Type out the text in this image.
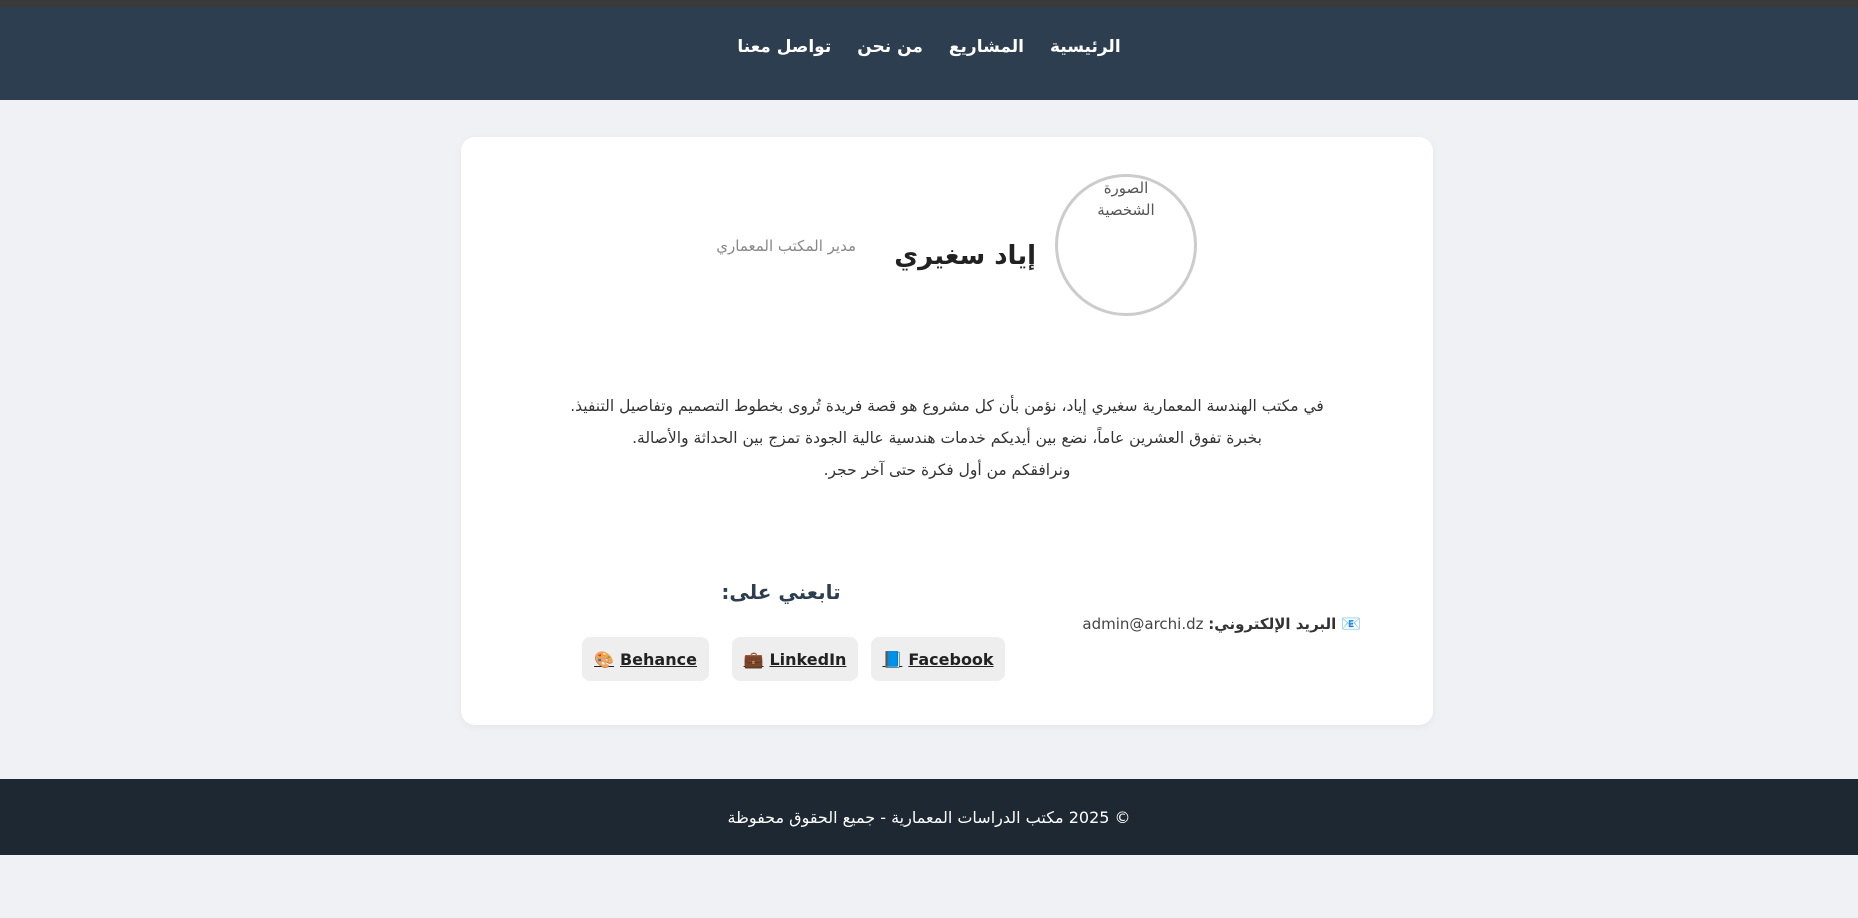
الرئيسية
المشاريع
من نحن
تواصل معنا
الصورة الشخصية
إياد سغيري
مدير المكتب المعماري

في مكتب الهندسة المعمارية سغيري إياد، نؤمن بأن كل مشروع هو قصة فريدة تُروى بخطوط التصميم وتفاصيل التنفيذ.

بخبرة تفوق العشرين عاماً، نضع بين أيديكم خدمات هندسية عالية الجودة تمزج بين الحداثة والأصالة.

ونرافقكم من أول فكرة حتى آخر حجر.

📧 البريد الإلكتروني: admin@archi.dz
تابعني على:
📘 Facebook
💼 LinkedIn
🎨 Behance
© 2025 مكتب الدراسات المعمارية - جميع الحقوق محفوظة
